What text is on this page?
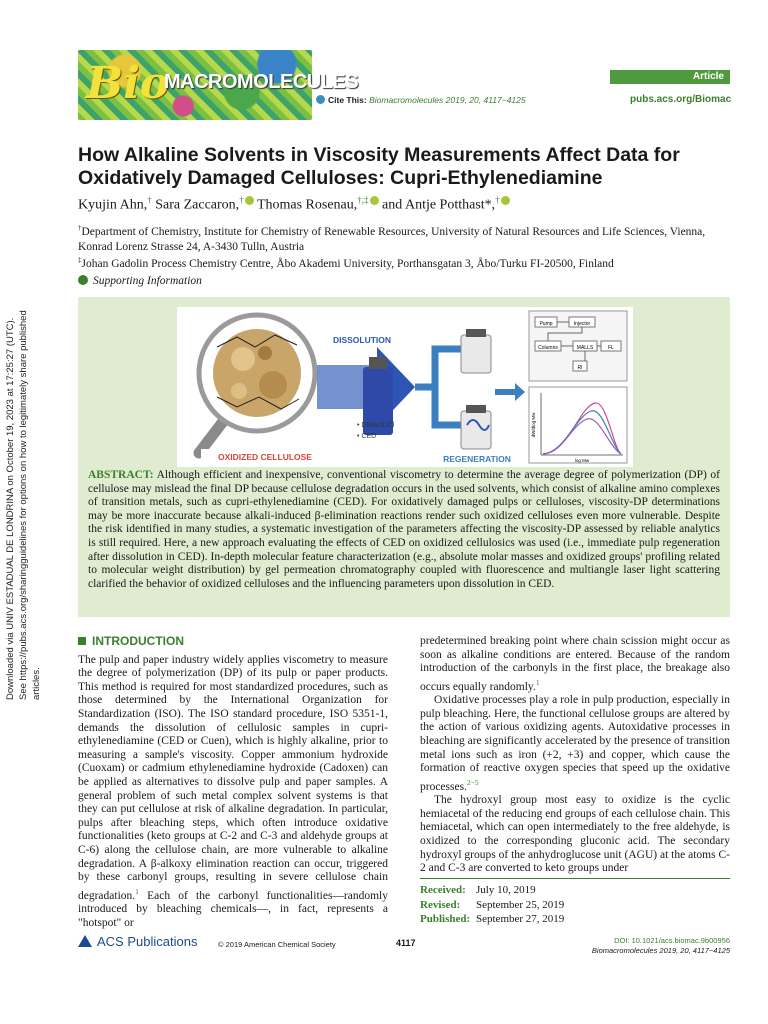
Downloaded via UNIV ESTADUAL DE LONDRINA on October 19, 2023 at 17:25:27 (UTC). See https://pubs.acs.org/sharingguidelines for options on how to legitimately share published articles.
Bio
MACROMOLECULES	Article
Cite This: Biomacromolecules 2019, 20, 4117−4125	pubs.acs.org/Biomac
How Alkaline Solvents in Viscosity Measurements Affect Data for Oxidatively Damaged Celluloses: Cupri-Ethylenediamine
Kyujin Ahn,† Sara Zaccaron,† Thomas Rosenau,†,‡ and Antje Potthast*,†
†Department of Chemistry, Institute for Chemistry of Renewable Resources, University of Natural Resources and Life Sciences, Vienna, Konrad Lorenz Strasse 24, A-3430 Tulln, Austria
‡Johan Gadolin Process Chemistry Centre, Åbo Akademi University, Porthansgatan 3, Åbo/Turku FI-20500, Finland
Supporting Information
OXIDIZED CELLULOSE
DISSOLUTION
• DMAc/LiCl
• CED
REGENERATION
Pump	Injector
Columns	MALLS
RI
FL
log Mw
dW/dlog Mw
ABSTRACT: Although efficient and inexpensive, conventional viscometry to determine the average degree of polymerization (DP) of cellulose may mislead the final DP because cellulose degradation occurs in the used solvents, which consist of alkaline amino complexes of transition metals, such as cupri-ethylenediamine (CED). For oxidatively damaged pulps or celluloses, viscosity-DP determinations may be more inaccurate because alkali-induced β-elimination reactions render such oxidized celluloses even more vulnerable. Despite the risk identified in many studies, a systematic investigation of the parameters affecting the viscosity-DP assessed by reliable analytics is still required. Here, a new approach evaluating the effects of CED on oxidized cellulosics was used (i.e., immediate pulp regeneration after dissolution in CED). In-depth molecular feature characterization (e.g., absolute molar masses and oxidized groups' profiling related to molecular weight distribution) by gel permeation chromatography coupled with fluorescence and multiangle laser light scattering clarified the behavior of oxidized celluloses and the influencing parameters upon dissolution in CED.
INTRODUCTION

The pulp and paper industry widely applies viscometry to measure the degree of polymerization (DP) of its pulp or paper products. This method is required for most standardized procedures, such as those determined by the International Organization for Standardization (ISO). The ISO standard procedure, ISO 5351-1, demands the dissolution of cellulosic samples in cupri-ethylenediamine (CED or Cuen), which is highly alkaline, prior to measuring a sample's viscosity. Copper ammonium hydroxide (Cuoxam) or cadmium ethylenediamine hydroxide (Cadoxen) can be applied as alternatives to dissolve pulp and paper samples. A general problem of such metal complex solvent systems is that they can put cellulose at risk of alkaline degradation. In particular, pulps after bleaching steps, which often introduce oxidative functionalities (keto groups at C-2 and C-3 and aldehyde groups at C-6) along the cellulose chain, are more vulnerable to alkaline degradation. A β-alkoxy elimination reaction can occur, triggered by these carbonyl groups, resulting in severe cellulose chain degradation.$^1$ Each of the carbonyl functionalities—randomly introduced by bleaching chemicals—, in fact, represents a "hotspot" or

predetermined breaking point where chain scission might occur as soon as alkaline conditions are entered. Because of the random introduction of the carbonyls in the first place, the breakage also occurs equally randomly.$^1$

Oxidative processes play a role in pulp production, especially in pulp bleaching. Here, the functional cellulose groups are altered by the action of various oxidizing agents. Autoxidative processes in bleaching are significantly accelerated by the presence of transition metal ions such as iron (+2, +3) and copper, which cause the formation of reactive oxygen species that speed up the oxidative processes.$^{2-5}$

The hydroxyl group most easy to oxidize is the cyclic hemiacetal of the reducing end groups of each cellulose chain. This hemiacetal, which can open intermediately to the free aldehyde, is oxidized to the corresponding gluconic acid. The secondary hydroxyl groups of the anhydroglucose unit (AGU) at the atoms C-2 and C-3 are converted to keto groups under

Received: July 10, 2019
Revised: September 25, 2019
Published: September 27, 2019
ACS Publications	© 2019 American Chemical Society	4117	DOI: 10.1021/acs.biomac.9b00956
Biomacromolecules 2019, 20, 4117−4125
